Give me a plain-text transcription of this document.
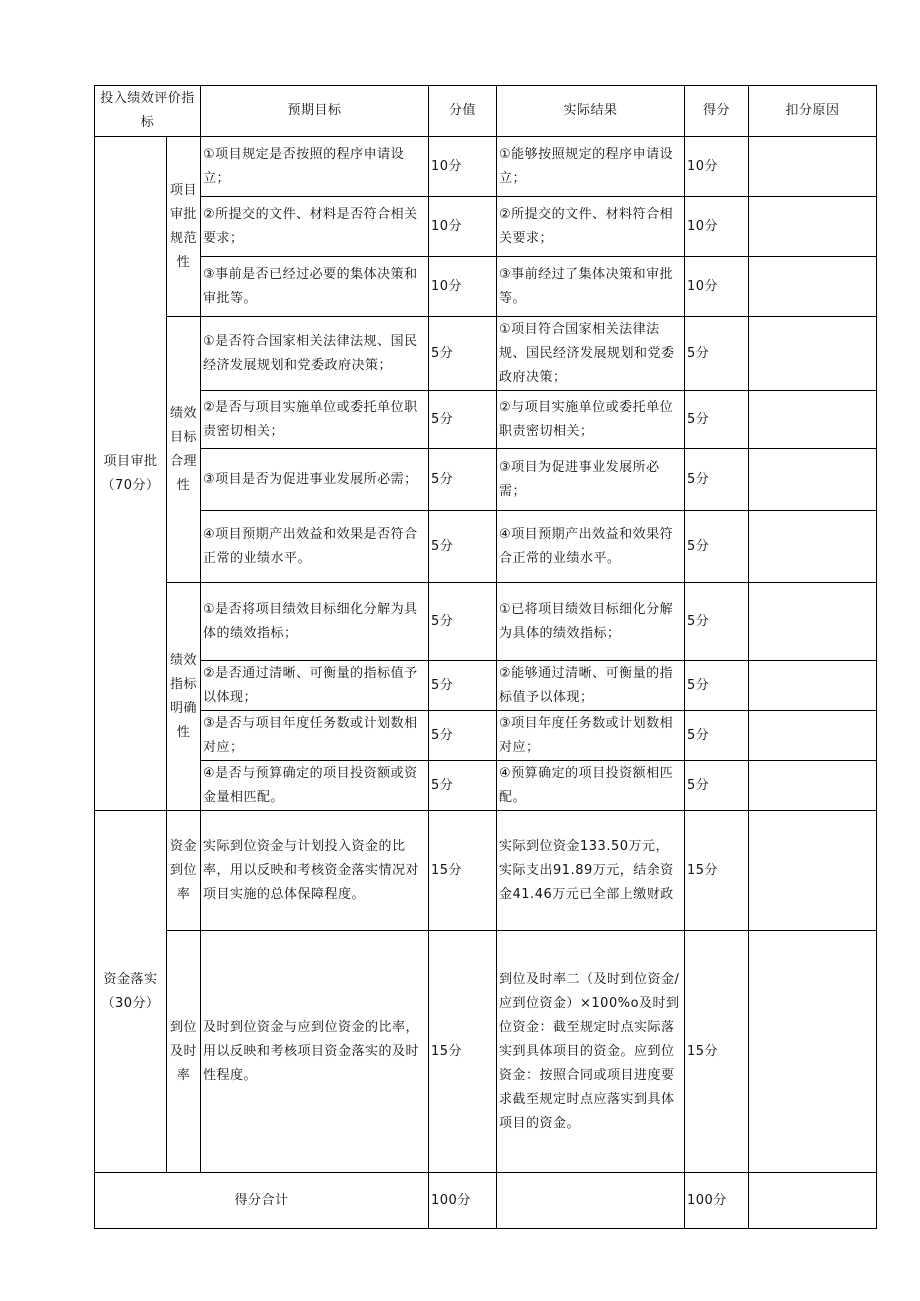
投入绩效评价指标		预期目标	分值	实际结果	得分	扣分原因
项目审批（70分）	项目审批规范性	①项目规定是否按照的程序申请设立；	10分	①能够按照规定的程序申请设立；	10分	
		②所提交的文件、材料是否符合相关要求；	10分	②所提交的文件、材料符合相关要求；	10分	
		③事前是否已经过必要的集体决策和审批等。	10分	③事前经过了集体决策和审批等。	10分	
	绩效目标合理性	①是否符合国家相关法律法规、国民经济发展规划和党委政府决策；	5分	①项目符合国家相关法律法规、国民经济发展规划和党委政府决策；	5分	
		②是否与项目实施单位或委托单位职责密切相关；	5分	②与项目实施单位或委托单位职责密切相关；	5分	
		③项目是否为促进事业发展所必需；	5分	③项目为促进事业发展所必需；	5分	
		④项目预期产出效益和效果是否符合正常的业绩水平。	5分	④项目预期产出效益和效果符合正常的业绩水平。	5分	
	绩效指标明确性	①是否将项目绩效目标细化分解为具体的绩效指标；	5分	①已将项目绩效目标细化分解为具体的绩效指标；	5分	
		②是否通过清晰、可衡量的指标值予以体现；	5分	②能够通过清晰、可衡量的指标值予以体现；	5分	
		③是否与项目年度任务数或计划数相对应；	5分	③项目年度任务数或计划数相对应；	5分	
		④是否与预算确定的项目投资额或资金量相匹配。	5分	④预算确定的项目投资额相匹配。	5分	
资金落实（30分）	资金到位率	实际到位资金与计划投入资金的比率，用以反映和考核资金落实情况对项目实施的总体保障程度。	15分	实际到位资金133.50万元，实际支出91.89万元，结余资金41.46万元已全部上缴财政	15分	
	到位及时率	及时到位资金与应到位资金的比率，用以反映和考核项目资金落实的及时性程度。	15分	到位及时率二（及时到位资金/应到位资金）×100%o及时到位资金：截至规定时点实际落实到具体项目的资金。应到位资金：按照合同或项目进度要求截至规定时点应落实到具体项目的资金。	15分	
得分合计			100分		100分	
